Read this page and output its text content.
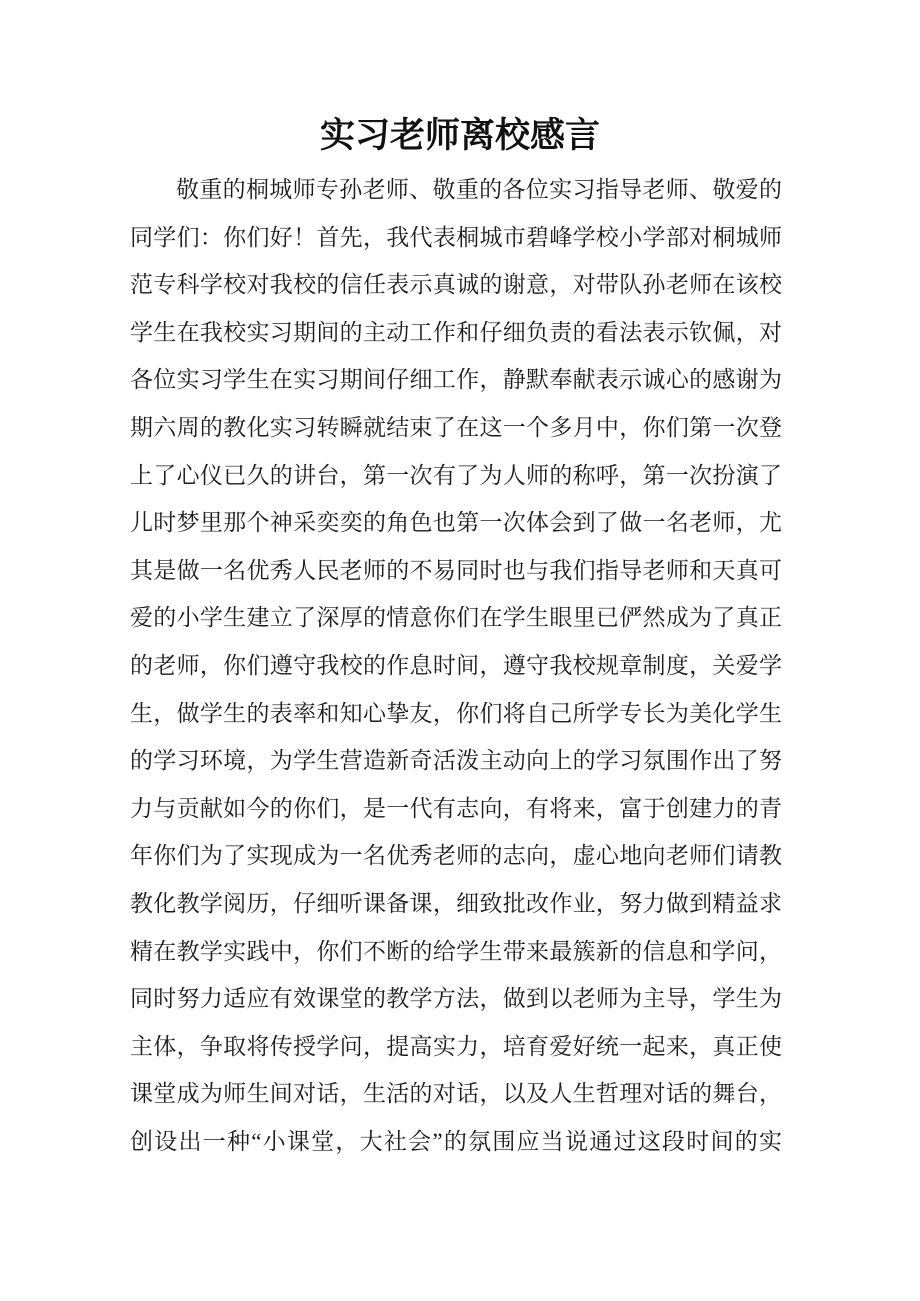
实习老师离校感言
敬重的桐城师专孙老师、敬重的各位实习指导老师、敬爱的
同学们：你们好！首先，我代表桐城市碧峰学校小学部对桐城师
范专科学校对我校的信任表示真诚的谢意，对带队孙老师在该校
学生在我校实习期间的主动工作和仔细负责的看法表示钦佩，对
各位实习学生在实习期间仔细工作，静默奉献表示诚心的感谢为
期六周的教化实习转瞬就结束了在这一个多月中，你们第一次登
上了心仪已久的讲台，第一次有了为人师的称呼，第一次扮演了
儿时梦里那个神采奕奕的角色也第一次体会到了做一名老师，尤
其是做一名优秀人民老师的不易同时也与我们指导老师和天真可
爱的小学生建立了深厚的情意你们在学生眼里已俨然成为了真正
的老师，你们遵守我校的作息时间，遵守我校规章制度，关爱学
生，做学生的表率和知心挚友，你们将自己所学专长为美化学生
的学习环境，为学生营造新奇活泼主动向上的学习氛围作出了努
力与贡献如今的你们，是一代有志向，有将来，富于创建力的青
年你们为了实现成为一名优秀老师的志向，虚心地向老师们请教
教化教学阅历，仔细听课备课，细致批改作业，努力做到精益求
精在教学实践中，你们不断的给学生带来最簇新的信息和学问，
同时努力适应有效课堂的教学方法，做到以老师为主导，学生为
主体，争取将传授学问，提高实力，培育爱好统一起来，真正使
课堂成为师生间对话，生活的对话，以及人生哲理对话的舞台，
创设出一种“小课堂，大社会”的氛围应当说通过这段时间的实
